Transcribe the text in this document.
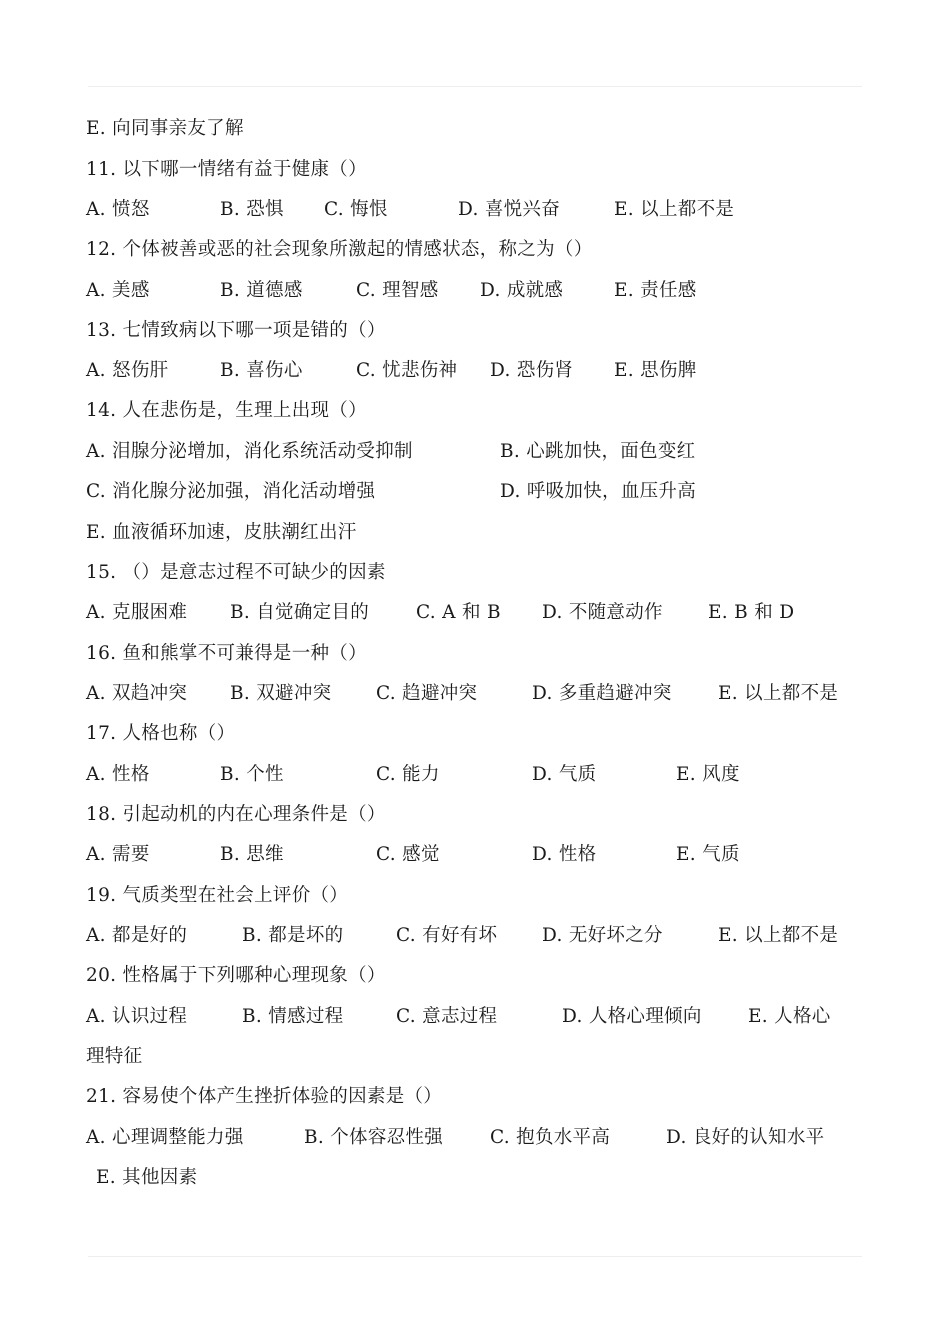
E. 向同事亲友了解
11. 以下哪一情绪有益于健康（）

A. 愤怒

	B. 恐惧

C. 悔恨

	D. 喜悦兴奋

	E. 以上都不是

12. 个体被善或恶的社会现象所激起的情感状态，称之为（）

A. 美感

	B. 道德感

	C. 理智感

D. 成就感

	E. 责任感

13. 七情致病以下哪一项是错的（）

A. 怒伤肝

	B. 喜伤心

	C. 忧悲伤神

D. 恐伤肾

E. 思伤脾

14. 人在悲伤是，生理上出现（）

A. 泪腺分泌增加，消化系统活动受抑制

	B. 心跳加快，面色变红

C. 消化腺分泌加强，消化活动增强

	D. 呼吸加快，血压升高

E. 血液循环加速，皮肤潮红出汗
15. （）是意志过程不可缺少的因素

A. 克服困难

B. 自觉确定目的

	C. A 和 B

D. 不随意动作

E. B 和 D

16. 鱼和熊掌不可兼得是一种（）

A. 双趋冲突

B. 双避冲突

C. 趋避冲突

	D. 多重趋避冲突

	E. 以上都不是

17. 人格也称（）

A. 性格

	B. 个性

	C. 能力

	D. 气质

	E. 风度

18. 引起动机的内在心理条件是（）

A. 需要

	B. 思维

	C. 感觉

	D. 性格

	E. 气质

19. 气质类型在社会上评价（）

A. 都是好的

	B. 都是坏的

	C. 有好有坏

D. 无好坏之分

	E. 以上都不是

20. 性格属于下列哪种心理现象（）

A. 认识过程

	B. 情感过程

	C. 意志过程

	D. 人格心理倾向

	E. 人格心

理特征
21. 容易使个体产生挫折体验的因素是（）

A. 心理调整能力强

	B. 个体容忍性强

	C. 抱负水平高

	D. 良好的认知水平

E. 其他因素
